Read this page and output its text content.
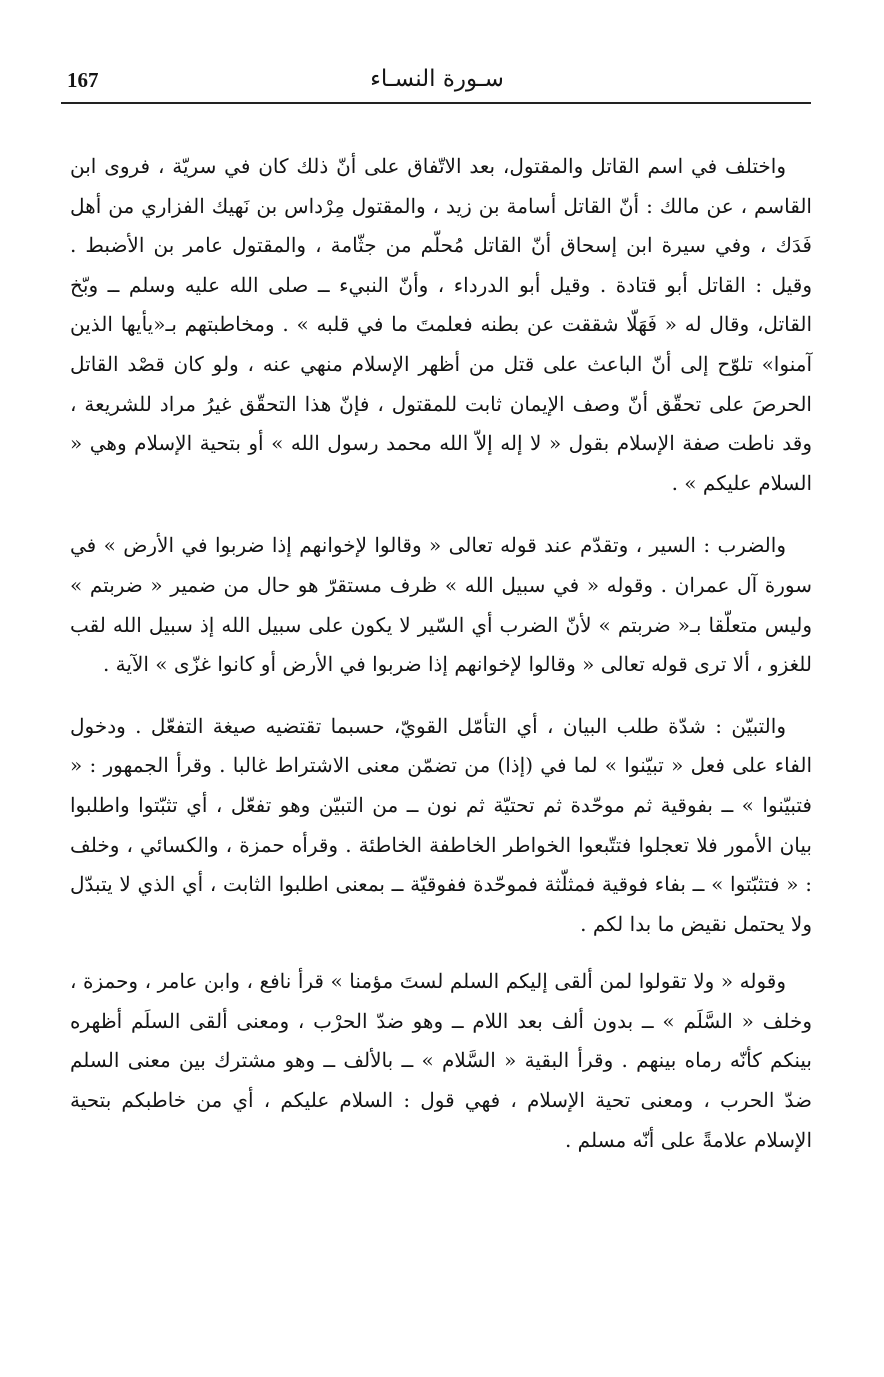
167	سـورة النسـاء

واختلف في اسم القاتل والمقتول، بعد الاتّفاق على أنّ ذلك كان في سريّة ، فروى ابن القاسم ، عن مالك : أنّ القاتل أسامة بن زيد ، والمقتول مِرْداس بن نَهيك الفزاري من أهل فَدَك ، وفي سيرة ابن إسحاق أنّ القاتل مُحلّم من جثّامة ، والمقتول عامر بن الأضبط . وقيل : القاتل أبو قتادة . وقيل أبو الدرداء ، وأنّ النبيء ــ صلى الله عليه وسلم ــ وبّخ القاتل، وقال له « فَهَلّا شققت عن بطنه فعلمتَ ما في قلبه » . ومخاطبتهم بـ«يأيها الذين آمنوا» تلوّح إلى أنّ الباعث على قتل من أظهر الإسلام منهي عنه ، ولو كان قصْد القاتل الحرصَ على تحقّق أنّ وصف الإيمان ثابت للمقتول ، فإنّ هذا التحقّق غيرُ مراد للشريعة ، وقد ناطت صفة الإسلام بقول « لا إله إلاّ الله محمد رسول الله » أو بتحية الإسلام وهي « السلام عليكم » .

والضرب : السير ، وتقدّم عند قوله تعالى « وقالوا لإخوانهم إذا ضربوا في الأرض » في سورة آل عمران . وقوله « في سبيل الله » ظرف مستقرّ هو حال من ضمير « ضربتم » وليس متعلّقا بـ« ضربتم » لأنّ الضرب أي السّير لا يكون على سبيل الله إذ سبيل الله لقب للغزو ، ألا ترى قوله تعالى « وقالوا لإخوانهم إذا ضربوا في الأرض أو كانوا غزّى » الآية .

والتبيّن : شدّة طلب البيان ، أي التأمّل القويّ، حسبما تقتضيه صيغة التفعّل . ودخول الفاء على فعل « تبيّنوا » لما في (إذا) من تضمّن معنى الاشتراط غالبا . وقرأ الجمهور : « فتبيّنوا » ــ بفوقية ثم موحّدة ثم تحتيّة ثم نون ــ من التبيّن وهو تفعّل ، أي تثبّتوا واطلبوا بيان الأمور فلا تعجلوا فتتّبعوا الخواطر الخاطفة الخاطئة . وقرأه حمزة ، والكسائي ، وخلف : « فتثبّتوا » ــ بفاء فوقية فمثلّثة فموحّدة ففوقيّة ــ بمعنى اطلبوا الثابت ، أي الذي لا يتبدّل ولا يحتمل نقيض ما بدا لكم .

وقوله « ولا تقولوا لمن ألقى إليكم السلم لستَ مؤمنا » قرأ نافع ، وابن عامر ، وحمزة ، وخلف « السَّلَم » ــ بدون ألف بعد اللام ــ وهو ضدّ الحرْب ، ومعنى ألقى السلَم أظهره بينكم كأنّه رماه بينهم . وقرأ البقية « السَّلام » ــ بالألف ــ وهو مشترك بين معنى السلم ضدّ الحرب ، ومعنى تحية الإسلام ، فهي قول : السلام عليكم ، أي من خاطبكم بتحية الإسلام علامةً على أنّه مسلم .
